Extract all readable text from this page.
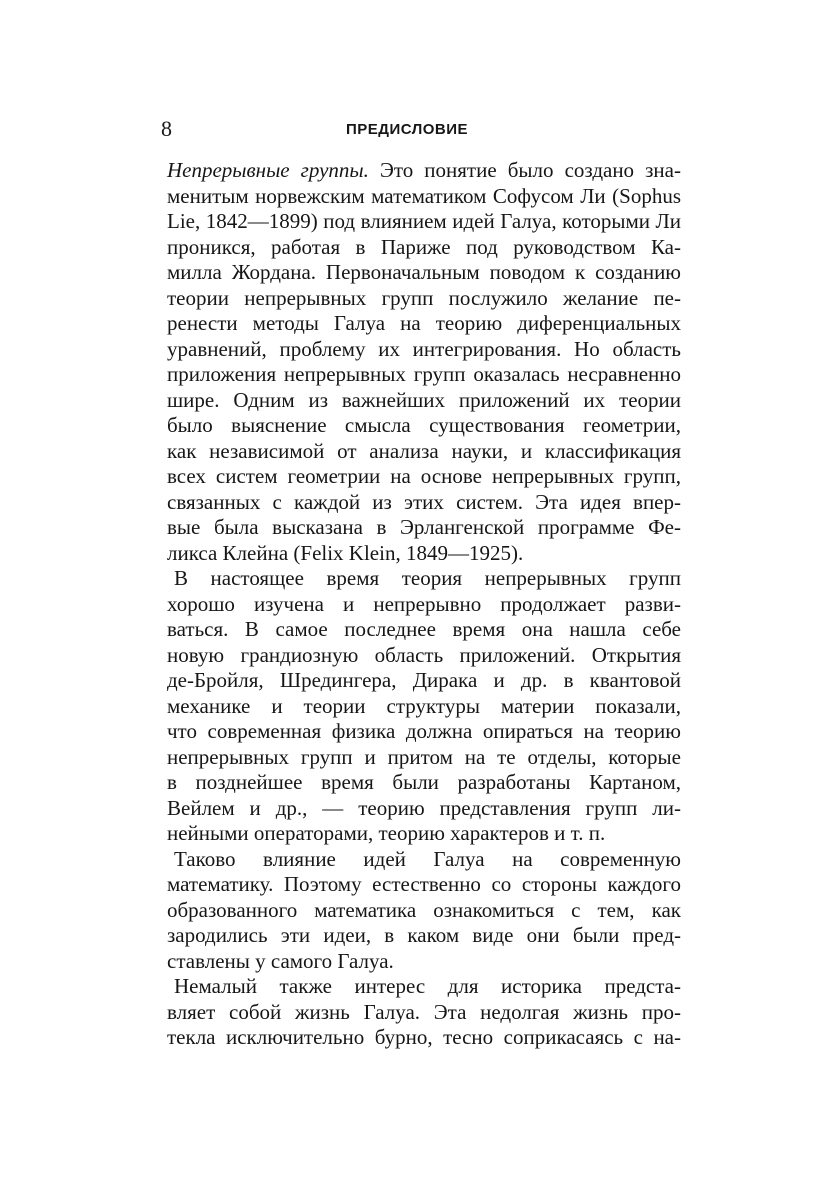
8	ПРЕДИСЛОВИЕ
Непрерывные группы. Это понятие было создано зна-
менитым норвежским математиком Софусом Ли (Sophus
Lie, 1842—1899) под влиянием идей Галуа, которыми Ли
проникся, работая в Париже под руководством Ка-
милла Жордана. Первоначальным поводом к созданию
теории непрерывных групп послужило желание пе-
ренести методы Галуа на теорию диференциальных
уравнений, проблему их интегрирования. Но область
приложения непрерывных групп оказалась несравненно
шире. Одним из важнейших приложений их теории
было выяснение смысла существования геометрии,
как независимой от анализа науки, и классификация
всех систем геометрии на основе непрерывных групп,
связанных с каждой из этих систем. Эта идея впер-
вые была высказана в Эрлангенской программе Фе-
ликса Клейна (Felix Klein, 1849—1925).
В настоящее время теория непрерывных групп
хорошо изучена и непрерывно продолжает разви-
ваться. В самое последнее время она нашла себе
новую грандиозную область приложений. Открытия
де-Бройля, Шредингера, Дирака и др. в квантовой
механике и теории структуры материи показали,
что современная физика должна опираться на теорию
непрерывных групп и притом на те отделы, которые
в позднейшее время были разработаны Картаном,
Вейлем и др., — теорию представления групп ли-
нейными операторами, теорию характеров и т. п.
Таково влияние идей Галуа на современную
математику. Поэтому естественно со стороны каждого
образованного математика ознакомиться с тем, как
зародились эти идеи, в каком виде они были пред-
ставлены у самого Галуа.
Немалый также интерес для историка предста-
вляет собой жизнь Галуа. Эта недолгая жизнь про-
текла исключительно бурно, тесно соприкасаясь с на-
